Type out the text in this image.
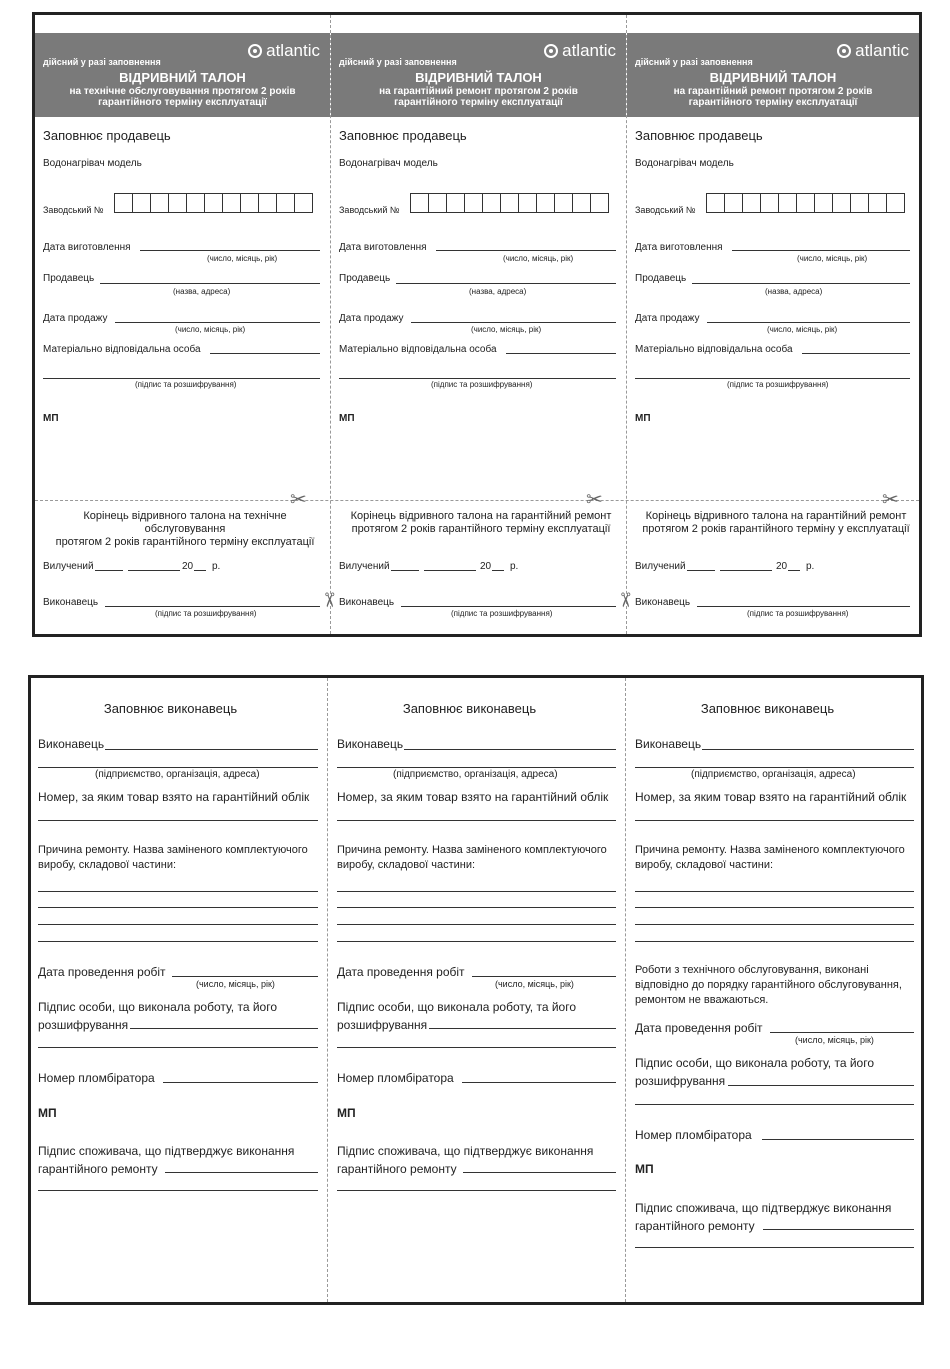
дійсний у разі заповнення
atlantic
ВІДРИВНИЙ ТАЛОН
на технічне обслуговування протягом 2 років
гарантійного терміну експлуатації
Заповнює продавець
Водонагрівач модель
Заводський №
Дата виготовлення
(число, місяць, рік)
Продавець
(назва, адреса)
Дата продажу
(число, місяць, рік)
Матеріально відповідальна особа
(підпис та розшифрування)
МП
✂
Корінець відривного талона на технічне обслуговування
протягом 2 років гарантійного терміну експлуатації
Вилучений	20 р.
Виконавець
(підпис та розшифрування)
дійсний у разі заповнення
atlantic
ВІДРИВНИЙ ТАЛОН
на гарантійний ремонт протягом 2 років
гарантійного терміну експлуатації
Заповнює продавець
Водонагрівач модель
Заводський №
Дата виготовлення
(число, місяць, рік)
Продавець
(назва, адреса)
Дата продажу
(число, місяць, рік)
Матеріально відповідальна особа
(підпис та розшифрування)
МП
✂
Корінець відривного талона на гарантійний ремонт
протягом 2 років гарантійного терміну експлуатації
Вилучений	20 р.
Виконавець
(підпис та розшифрування)
дійсний у разі заповнення
atlantic
ВІДРИВНИЙ ТАЛОН
на гарантійний ремонт протягом 2 років
гарантійного терміну експлуатації
Заповнює продавець
Водонагрівач модель
Заводський №
Дата виготовлення
(число, місяць, рік)
Продавець
(назва, адреса)
Дата продажу
(число, місяць, рік)
Матеріально відповідальна особа
(підпис та розшифрування)
МП
✂
Корінець відривного талона на гарантійний ремонт
протягом 2 років гарантійного терміну у експлуатації
Вилучений	20 р.
Виконавець
(підпис та розшифрування)
✂	✂
Заповнює виконавець
Виконавець
(підприємство, організація, адреса)
Номер, за яким товар взято на гарантійний облік
Причина ремонту. Назва заміненого комплектуючого
виробу, складової частини:
Дата проведення робіт
(число, місяць, рік)
Підпис особи, що виконала роботу, та його
розшифрування
Номер пломбіратора
МП
Підпис споживача, що підтверджує виконання
гарантійного ремонту
Заповнює виконавець
Виконавець
(підприємство, організація, адреса)
Номер, за яким товар взято на гарантійний облік
Причина ремонту. Назва заміненого комплектуючого
виробу, складової частини:
Дата проведення робіт
(число, місяць, рік)
Підпис особи, що виконала роботу, та його
розшифрування
Номер пломбіратора
МП
Підпис споживача, що підтверджує виконання
гарантійного ремонту
Заповнює виконавець
Виконавець
(підприємство, організація, адреса)
Номер, за яким товар взято на гарантійний облік
Причина ремонту. Назва заміненого комплектуючого
виробу, складової частини:
Роботи з технічного обслуговування, виконані
відповідно до порядку гарантійного обслуговування,
ремонтом не вважаються.
Дата проведення робіт
(число, місяць, рік)
Підпис особи, що виконала роботу, та його
розшифрування
Номер пломбіратора
МП
Підпис споживача, що підтверджує виконання
гарантійного ремонту
